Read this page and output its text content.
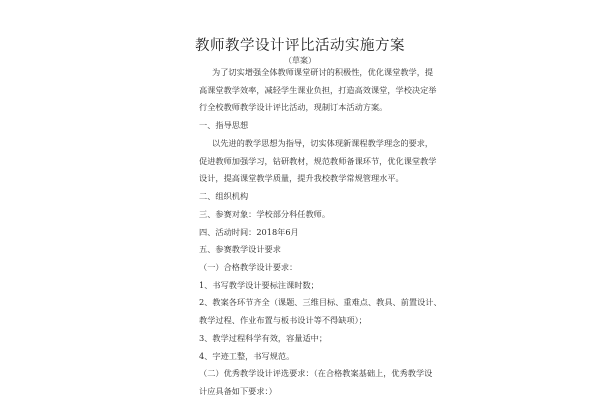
教师教学设计评比活动实施方案
（草案）
为了切实增强全体教师课堂研讨的积极性，优化课堂教学，提
高课堂教学效率，减轻学生课业负担，打造高效课堂，学校决定举
行全校教师教学设计评比活动，现制订本活动方案。
一、指导思想
以先进的教学思想为指导，切实体现新课程教学理念的要求，
促进教师加强学习，钻研教材，规范教师备课环节，优化课堂教学
设计，提高课堂教学质量，提升我校教学常规管理水平。
二、组织机构
三、参赛对象：学校部分科任教师。
四、活动时间：2018年6月
五、参赛教学设计要求
（一）合格教学设计要求：
1、书写教学设计要标注课时数；
2、教案各环节齐全（课题、三维目标、重难点、教具、前置设计、
教学过程、作业布置与板书设计等不得缺项）；
3、教学过程科学有效，容量适中；
4、字迹工整，书写规范。
（二）优秀教学设计评选要求：（在合格教案基础上，优秀教学设
计应具备如下要求：）
